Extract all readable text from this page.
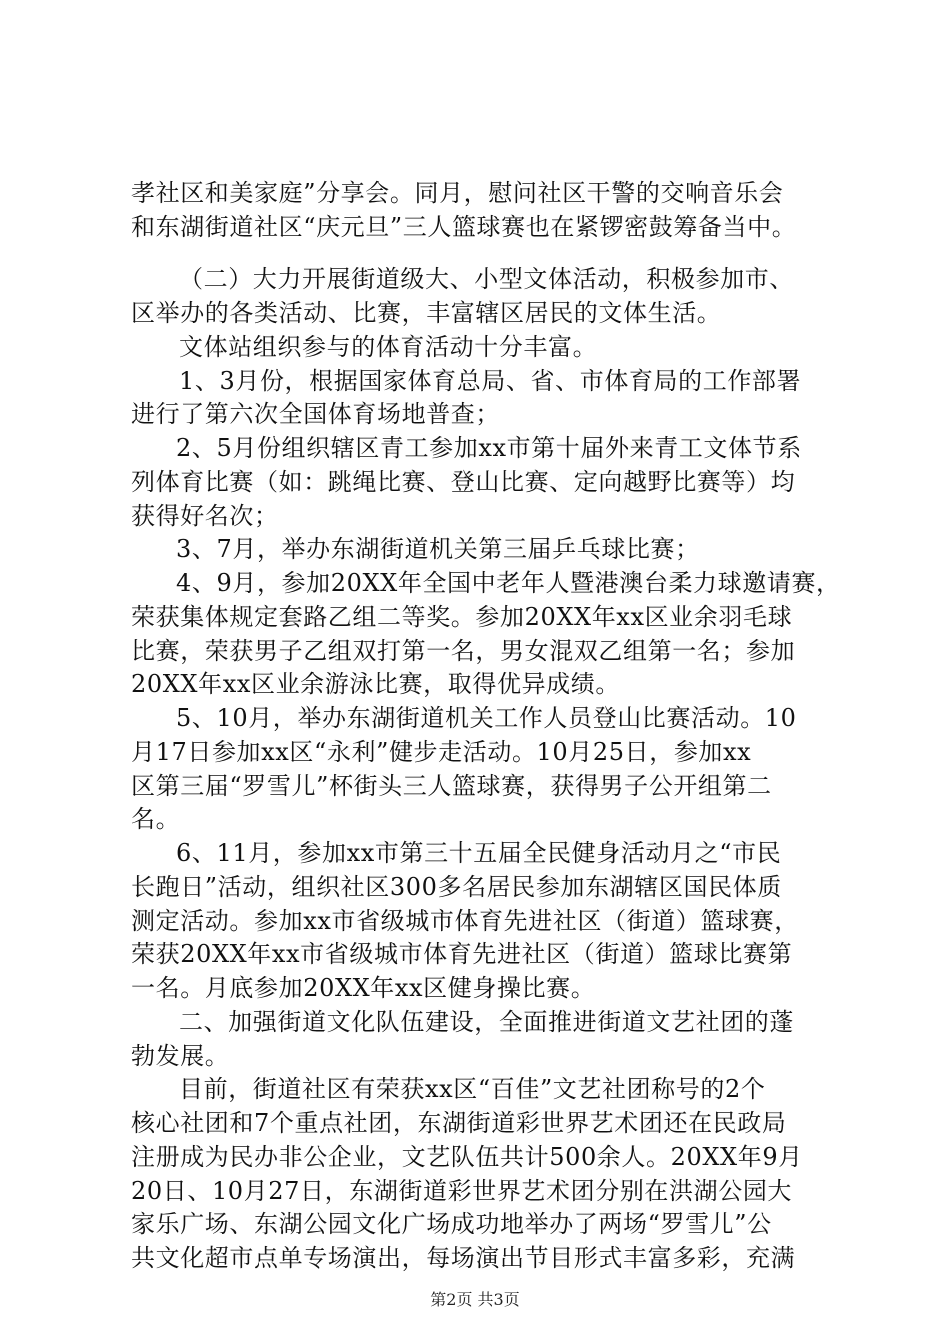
孝社区和美家庭”分享会。同月，慰问社区干警的交响音乐会
和东湖街道社区“庆元旦”三人篮球赛也在紧锣密鼓筹备当中。
（二）大力开展街道级大、小型文体活动，积极参加市、
区举办的各类活动、比赛，丰富辖区居民的文体生活。
文体站组织参与的体育活动十分丰富。
1、3月份，根据国家体育总局、省、市体育局的工作部署
进行了第六次全国体育场地普查；
2、5月份组织辖区青工参加xx市第十届外来青工文体节系
列体育比赛（如：跳绳比赛、登山比赛、定向越野比赛等）均
获得好名次；
3、7月，举办东湖街道机关第三届乒乓球比赛；
4、9月，参加20XX年全国中老年人暨港澳台柔力球邀请赛，
荣获集体规定套路乙组二等奖。参加20XX年xx区业余羽毛球
比赛，荣获男子乙组双打第一名，男女混双乙组第一名；参加
20XX年xx区业余游泳比赛，取得优异成绩。
5、10月，举办东湖街道机关工作人员登山比赛活动。10
月17日参加xx区“永利”健步走活动。10月25日，参加xx
区第三届“罗雪儿”杯街头三人篮球赛，获得男子公开组第二
名。
6、11月，参加xx市第三十五届全民健身活动月之“市民
长跑日”活动，组织社区300多名居民参加东湖辖区国民体质
测定活动。参加xx市省级城市体育先进社区（街道）篮球赛，
荣获20XX年xx市省级城市体育先进社区（街道）篮球比赛第
一名。月底参加20XX年xx区健身操比赛。
二、加强街道文化队伍建设，全面推进街道文艺社团的蓬
勃发展。
目前，街道社区有荣获xx区“百佳”文艺社团称号的2个
核心社团和7个重点社团，东湖街道彩世界艺术团还在民政局
注册成为民办非公企业，文艺队伍共计500余人。20XX年9月
20日、10月27日，东湖街道彩世界艺术团分别在洪湖公园大
家乐广场、东湖公园文化广场成功地举办了两场“罗雪儿”公
共文化超市点单专场演出，每场演出节目形式丰富多彩，充满
第2页 共3页
